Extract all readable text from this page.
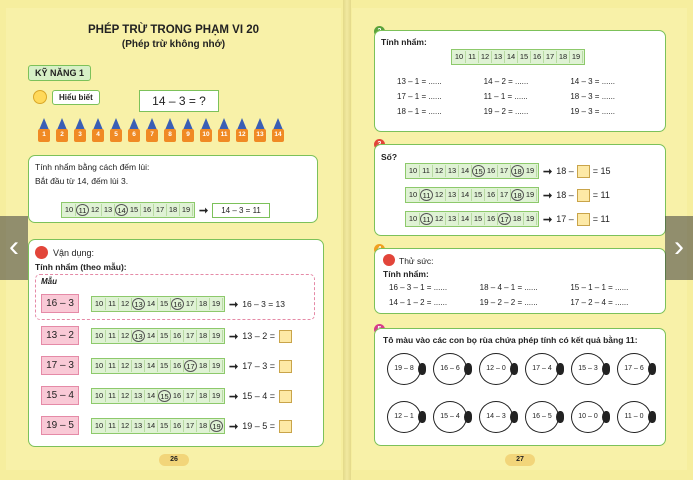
PHÉP TRỪ TRONG PHẠM VI 20
(Phép trừ không nhớ)
KỸ NĂNG 1
Hiểu biết	14 – 3 = ?
1	2	3	4	5	6	7	8	9	10	11	12	13	14
Tính nhẩm bằng cách đếm lùi:
Bắt đầu từ 14, đếm lùi 3.
10 11 12 13 14 15 16 17 18 19 ➞	14 – 3 = 11
Vận dụng:
Tính nhẩm (theo mẫu):
Mẫu
16 – 3	10 11 12 13 14 15 16 17 18 19 ➞ 16 – 3 = 13
13 – 2	10 11 12 13 14 15 16 17 18 19 ➞ 13 – 2 =
17 – 3	10 11 12 13 14 15 16 17 18 19 ➞ 17 – 3 =
15 – 4	10 11 12 13 14 15 16 17 18 19 ➞ 15 – 4 =
19 – 5	10 11 12 13 14 15 16 17 18 19 ➞ 19 – 5 =
26
Tính nhẩm:
10 11 12 13 14 15 16 17 18 19
13 – 1 = ......	14 – 2 = ......	14 – 3 = ......
17 – 1 = ......	11 – 1 = ......	18 – 3 = ......
18 – 1 = ......	19 – 2 = ......	19 – 3 = ......
Số?
10 11 12 13 14 15 16 17 18 19 ➞ 18 – = 15
10 11 12 13 14 15 16 17 18 19 ➞ 18 – = 11
10 11 12 13 14 15 16 17 18 19 ➞ 17 – = 11
Thử sức:
Tính nhẩm:
16 – 3 – 1 = ......	18 – 4 – 1 = ......	15 – 1 – 1 = ......
14 – 1 – 2 = ......	19 – 2 – 2 = ......	17 – 2 – 4 = ......
Tô màu vào các con bọ rùa chứa phép tính có kết quả bằng 11:
19 – 8	16 – 6	12 – 0	17 – 4	15 – 3	17 – 6
12 – 1	15 – 4	14 – 3	16 – 5	10 – 0	11 – 0
27
‹	›
